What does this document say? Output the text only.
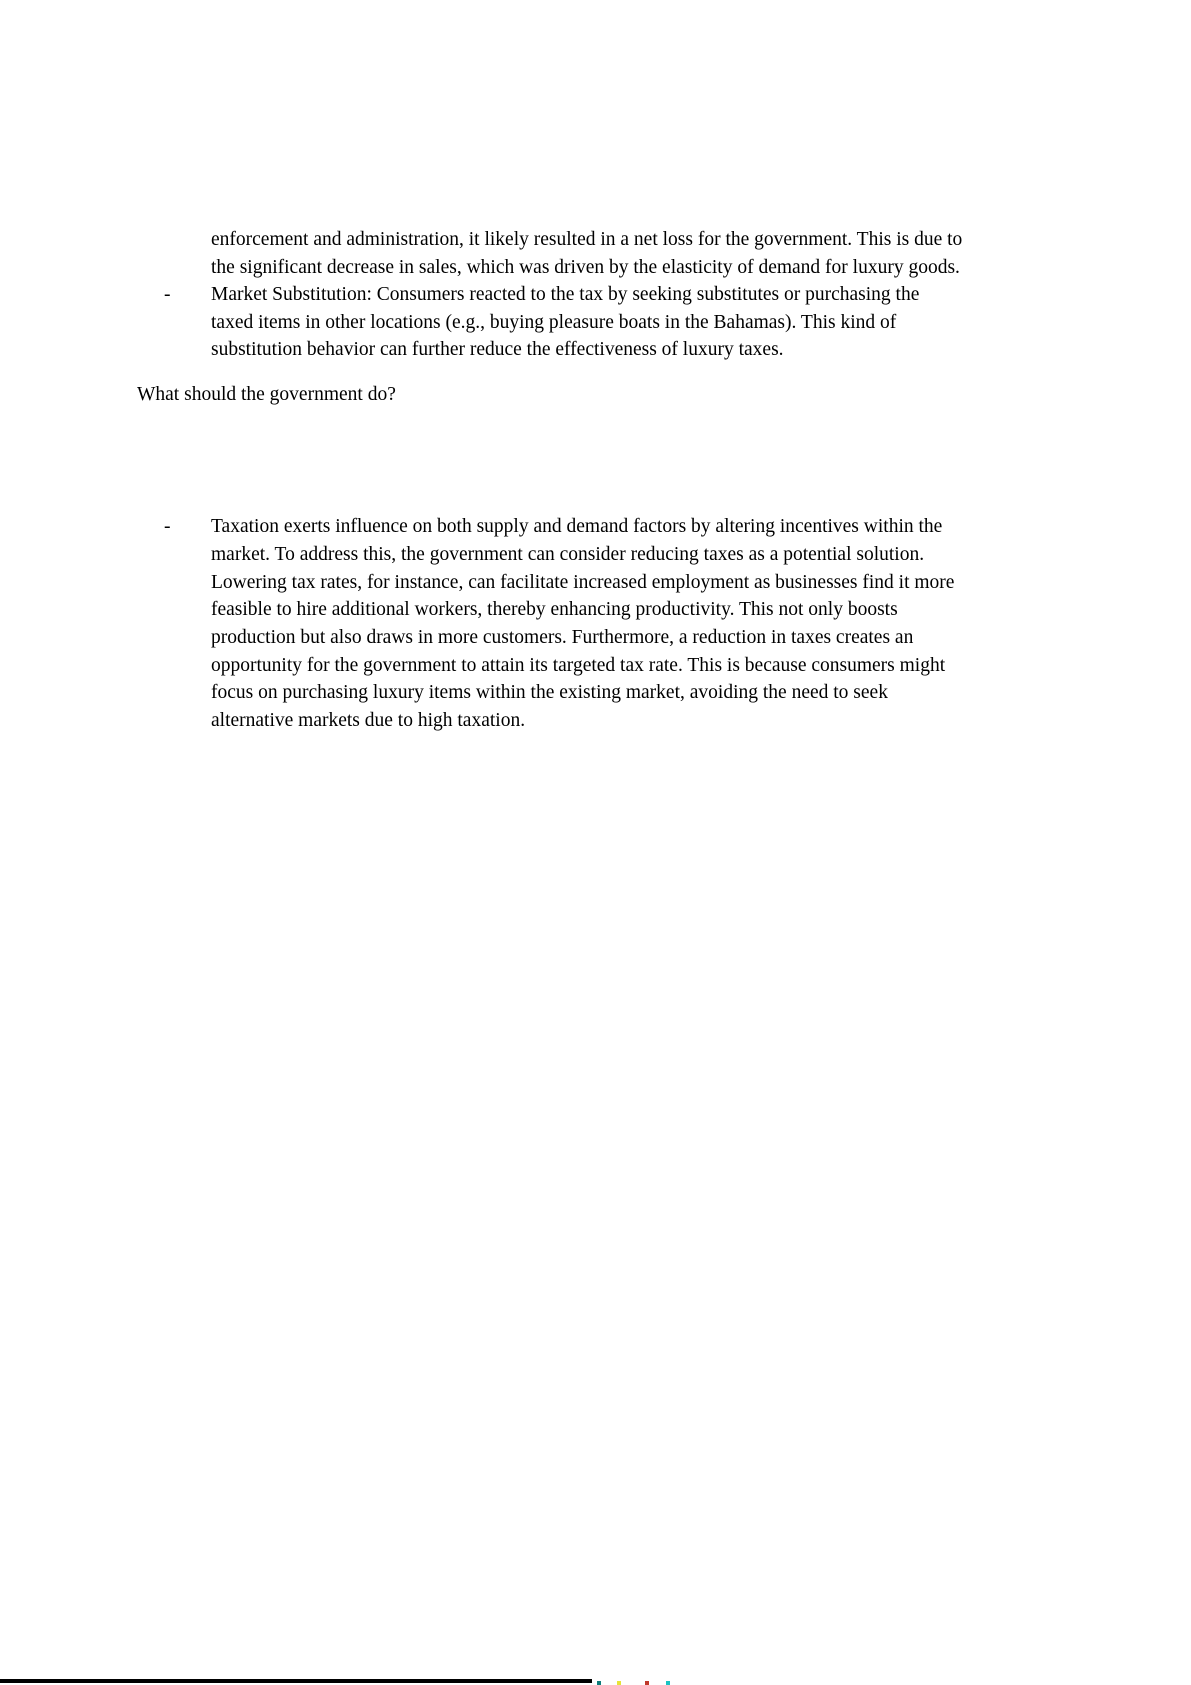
enforcement and administration, it likely resulted in a net loss for the government. This is due to
the significant decrease in sales, which was driven by the elasticity of demand for luxury goods.
- Market Substitution: Consumers reacted to the tax by seeking substitutes or purchasing the
taxed items in other locations (e.g., buying pleasure boats in the Bahamas). This kind of
substitution behavior can further reduce the effectiveness of luxury taxes.
What should the government do?
- Taxation exerts influence on both supply and demand factors by altering incentives within the
market. To address this, the government can consider reducing taxes as a potential solution.
Lowering tax rates, for instance, can facilitate increased employment as businesses find it more
feasible to hire additional workers, thereby enhancing productivity. This not only boosts
production but also draws in more customers. Furthermore, a reduction in taxes creates an
opportunity for the government to attain its targeted tax rate. This is because consumers might
focus on purchasing luxury items within the existing market, avoiding the need to seek
alternative markets due to high taxation.
